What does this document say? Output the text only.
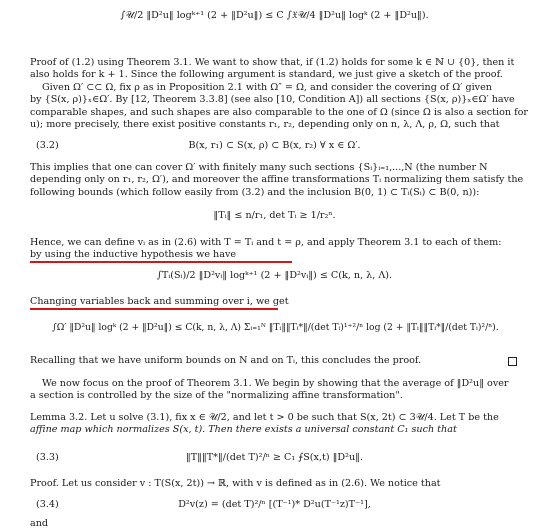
∫𝒰/2 ‖D²u‖ logᵏ⁺¹ (2 + ‖D²u‖) ≤ C ∫𝔛𝒰/4 ‖D²u‖ logᵏ (2 + ‖D²u‖).
Proof of (1.2) using Theorem 3.1. We want to show that, if (1.2) holds for some k ∈ ℕ ∪ {0}, then it
also holds for k + 1. Since the following argument is standard, we just give a sketch of the proof.
Given Ω′ ⊂⊂ Ω, fix ρ as in Proposition 2.1 with Ω″ = Ω, and consider the covering of Ω′ given
by {S(x, ρ)}ₓ∈Ω′. By [12, Theorem 3.3.8] (see also [10, Condition A]) all sections {S(x, ρ)}ₓ∈Ω′ have
comparable shapes, and such shapes are also comparable to the one of Ω (since Ω is also a section for
u); more precisely, there exist positive constants r₁, r₂, depending only on n, λ, Λ, ρ, Ω, such that
(3.2)	B(x, r₁) ⊂ S(x, ρ) ⊂ B(x, r₂) ∀ x ∈ Ω′.
This implies that one can cover Ω′ with finitely many such sections {Sᵢ}ᵢ₌₁,...,N (the number N
depending only on r₁, r₂, Ω′), and moreover the affine transformations Tᵢ normalizing them satisfy the
following bounds (which follow easily from (3.2) and the inclusion B(0, 1) ⊂ Tᵢ(Sᵢ) ⊂ B(0, n)):
‖Tᵢ‖ ≤ n/r₁, det Tᵢ ≥ 1/r₂ⁿ.
Hence, we can define vᵢ as in (2.6) with T = Tᵢ and t = ρ, and apply Theorem 3.1 to each of them:
by using the inductive hypothesis we have
∫Tᵢ(Sᵢ)/2 ‖D²vᵢ‖ logᵏ⁺¹ (2 + ‖D²vᵢ‖) ≤ C(k, n, λ, Λ).
Changing variables back and summing over i, we get
∫Ω′ ‖D²u‖ logᵏ (2 + ‖D²u‖) ≤ C(k, n, λ, Λ) Σᵢ₌₁ᴺ ‖Tᵢ‖‖Tᵢ*‖/(det Tᵢ)¹⁺²/ⁿ log (2 + ‖Tᵢ‖‖Tᵢ*‖/(det Tᵢ)²/ⁿ).
Recalling that we have uniform bounds on N and on Tᵢ, this concludes the proof.
We now focus on the proof of Theorem 3.1. We begin by showing that the average of ‖D²u‖ over
a section is controlled by the size of the "normalizing affine transformation".
Lemma 3.2. Let u solve (3.1), fix x ∈ 𝒰/2, and let t > 0 be such that S(x, 2t) ⊂ 3𝒰/4. Let T be the
affine map which normalizes S(x, t). Then there exists a universal constant C₁ such that
(3.3)	‖T‖‖T*‖/(det T)²/ⁿ ≥ C₁ ⨍S(x,t) ‖D²u‖.
Proof. Let us consider v : T(S(x, 2t)) → ℝ, with v is defined as in (2.6). We notice that
(3.4)	D²v(z) = (det T)²/ⁿ [(T⁻¹)* D²u(T⁻¹z)T⁻¹],
and
